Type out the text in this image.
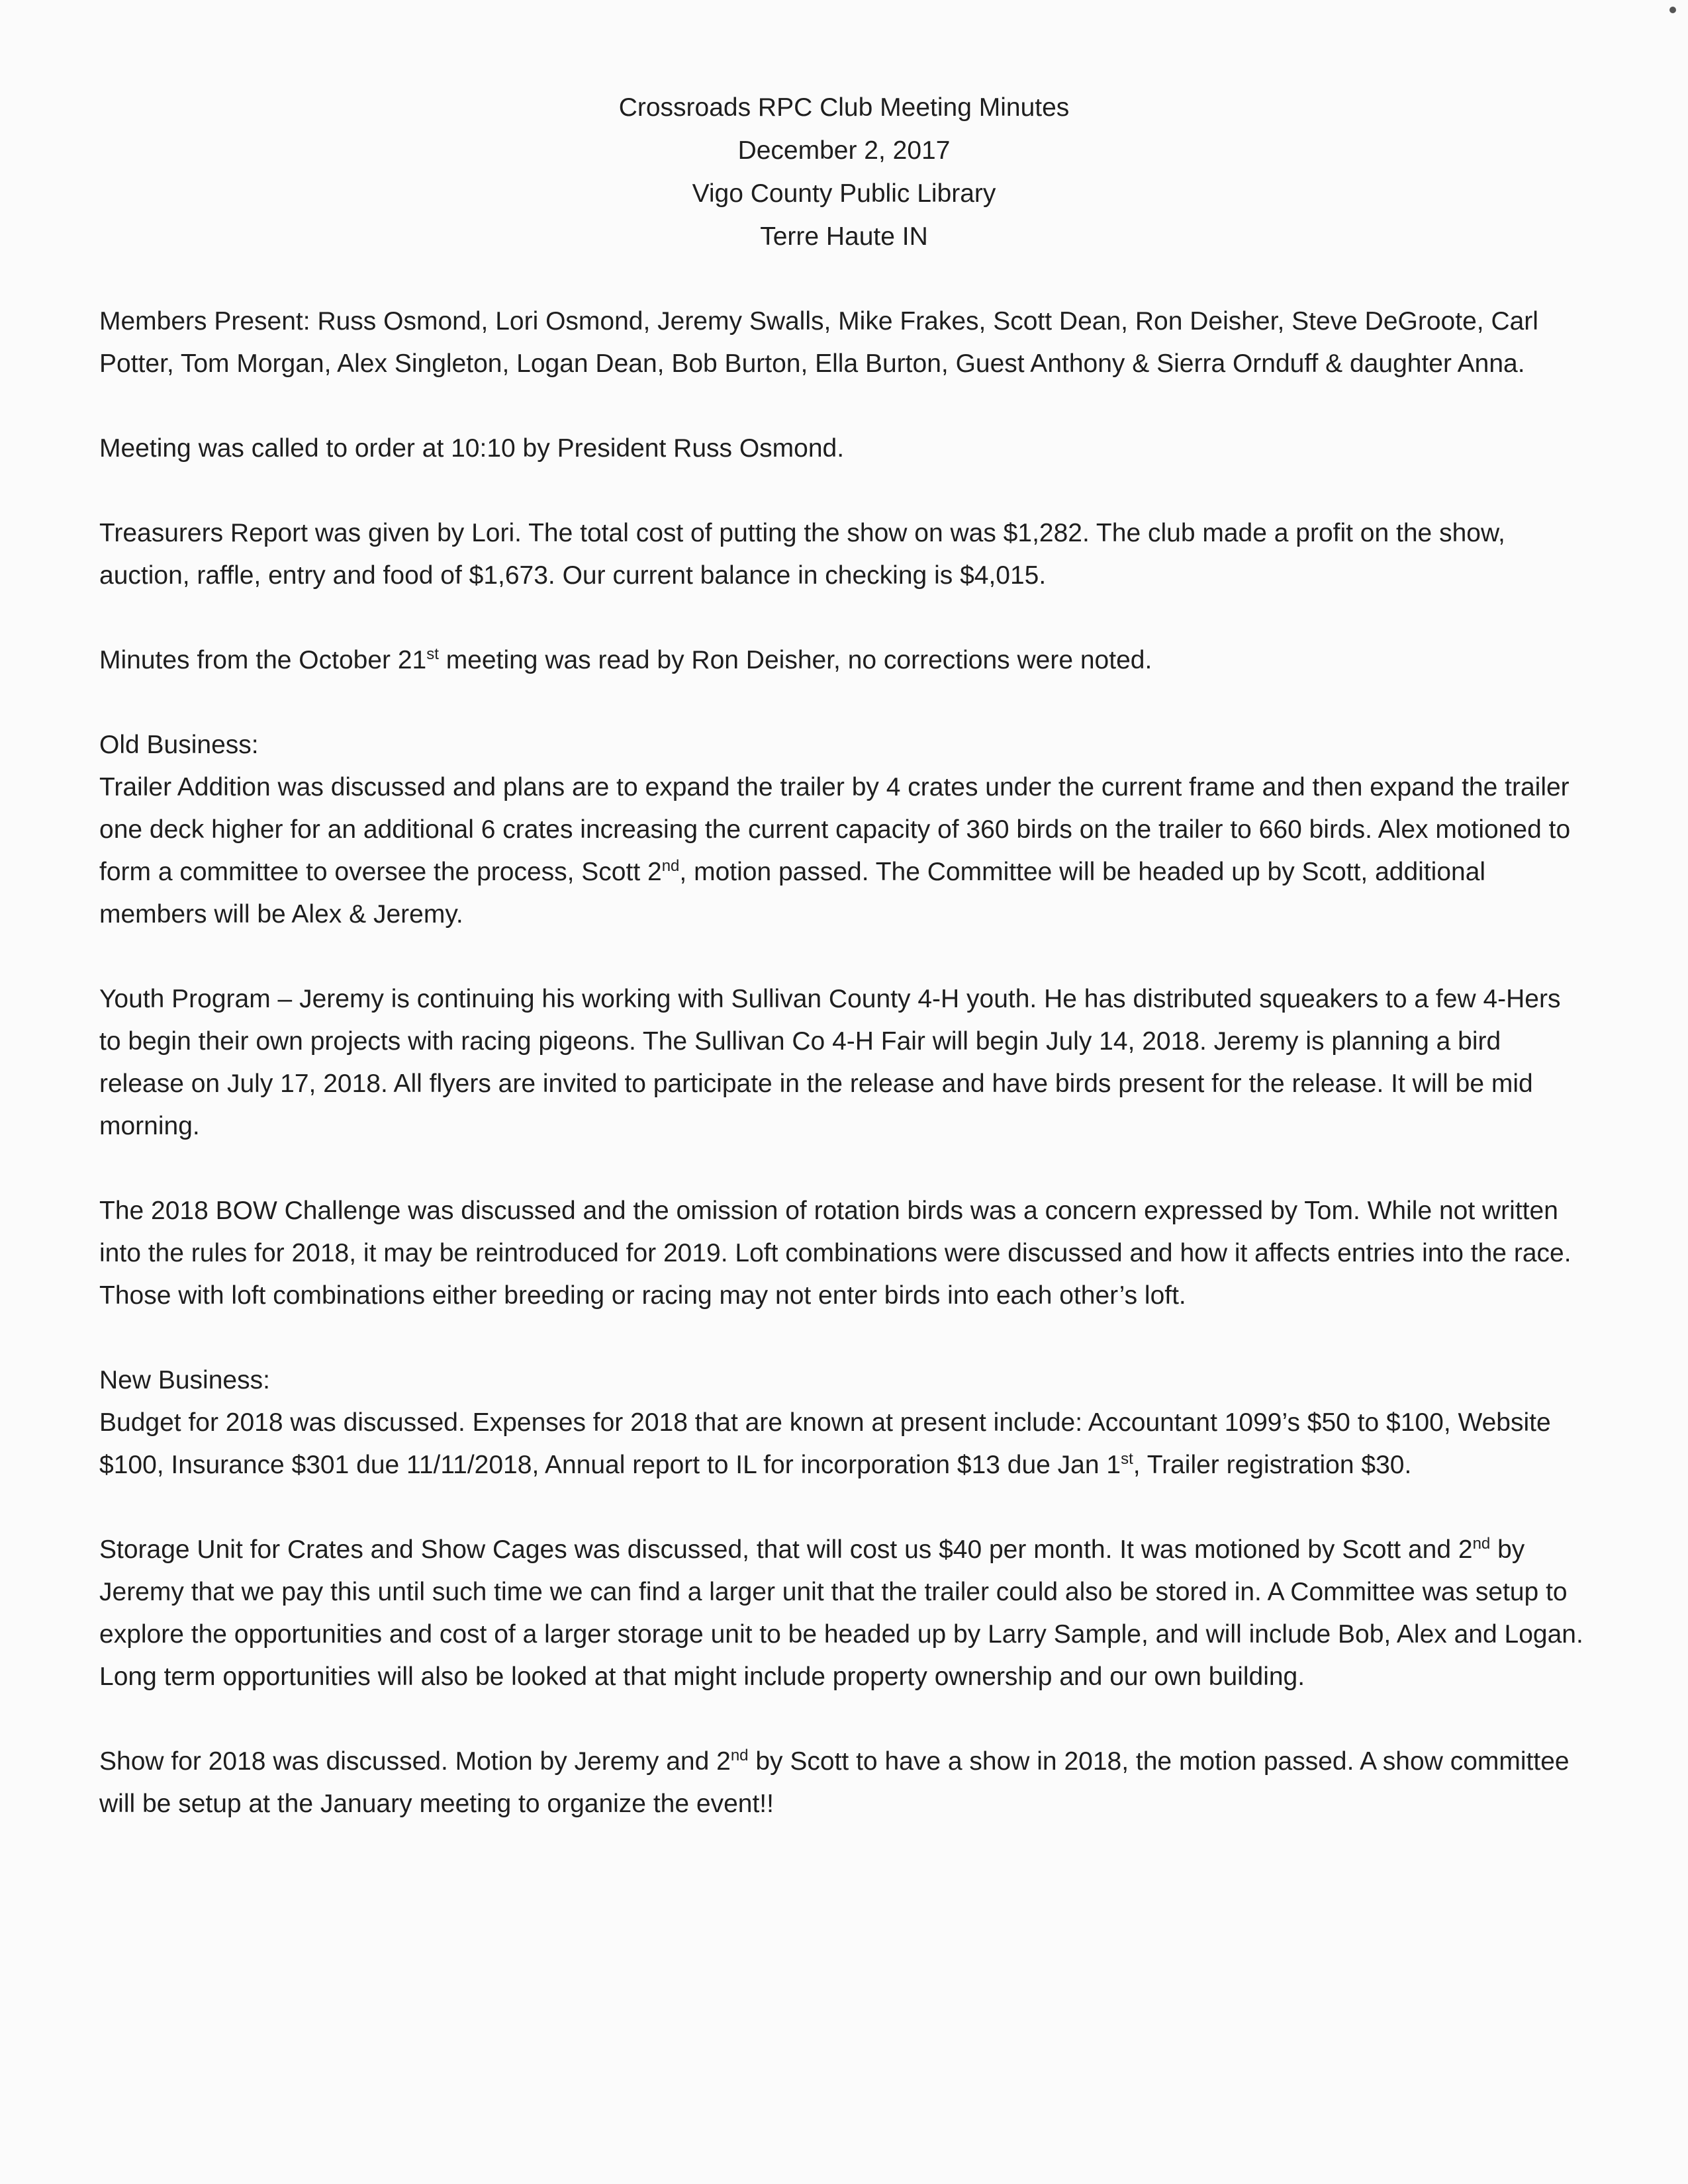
Crossroads RPC Club Meeting Minutes
December 2, 2017
Vigo County Public Library
Terre Haute IN

Members Present: Russ Osmond, Lori Osmond, Jeremy Swalls, Mike Frakes, Scott Dean, Ron Deisher, Steve DeGroote, Carl Potter, Tom Morgan, Alex Singleton, Logan Dean, Bob Burton, Ella Burton, Guest Anthony & Sierra Ornduff & daughter Anna.

Meeting was called to order at 10:10 by President Russ Osmond.

Treasurers Report was given by Lori. The total cost of putting the show on was $1,282. The club made a profit on the show, auction, raffle, entry and food of $1,673. Our current balance in checking is $4,015.

Minutes from the October 21st meeting was read by Ron Deisher, no corrections were noted.

Old Business:

Trailer Addition was discussed and plans are to expand the trailer by 4 crates under the current frame and then expand the trailer one deck higher for an additional 6 crates increasing the current capacity of 360 birds on the trailer to 660 birds. Alex motioned to form a committee to oversee the process, Scott 2nd, motion passed. The Committee will be headed up by Scott, additional members will be Alex & Jeremy.

Youth Program – Jeremy is continuing his working with Sullivan County 4-H youth. He has distributed squeakers to a few 4-Hers to begin their own projects with racing pigeons. The Sullivan Co 4-H Fair will begin July 14, 2018. Jeremy is planning a bird release on July 17, 2018. All flyers are invited to participate in the release and have birds present for the release. It will be mid morning.

The 2018 BOW Challenge was discussed and the omission of rotation birds was a concern expressed by Tom. While not written into the rules for 2018, it may be reintroduced for 2019. Loft combinations were discussed and how it affects entries into the race. Those with loft combinations either breeding or racing may not enter birds into each other’s loft.

New Business:

Budget for 2018 was discussed. Expenses for 2018 that are known at present include: Accountant 1099’s $50 to $100, Website $100, Insurance $301 due 11/11/2018, Annual report to IL for incorporation $13 due Jan 1st, Trailer registration $30.

Storage Unit for Crates and Show Cages was discussed, that will cost us $40 per month. It was motioned by Scott and 2nd by Jeremy that we pay this until such time we can find a larger unit that the trailer could also be stored in. A Committee was setup to explore the opportunities and cost of a larger storage unit to be headed up by Larry Sample, and will include Bob, Alex and Logan. Long term opportunities will also be looked at that might include property ownership and our own building.

Show for 2018 was discussed. Motion by Jeremy and 2nd by Scott to have a show in 2018, the motion passed. A show committee will be setup at the January meeting to organize the event!!
